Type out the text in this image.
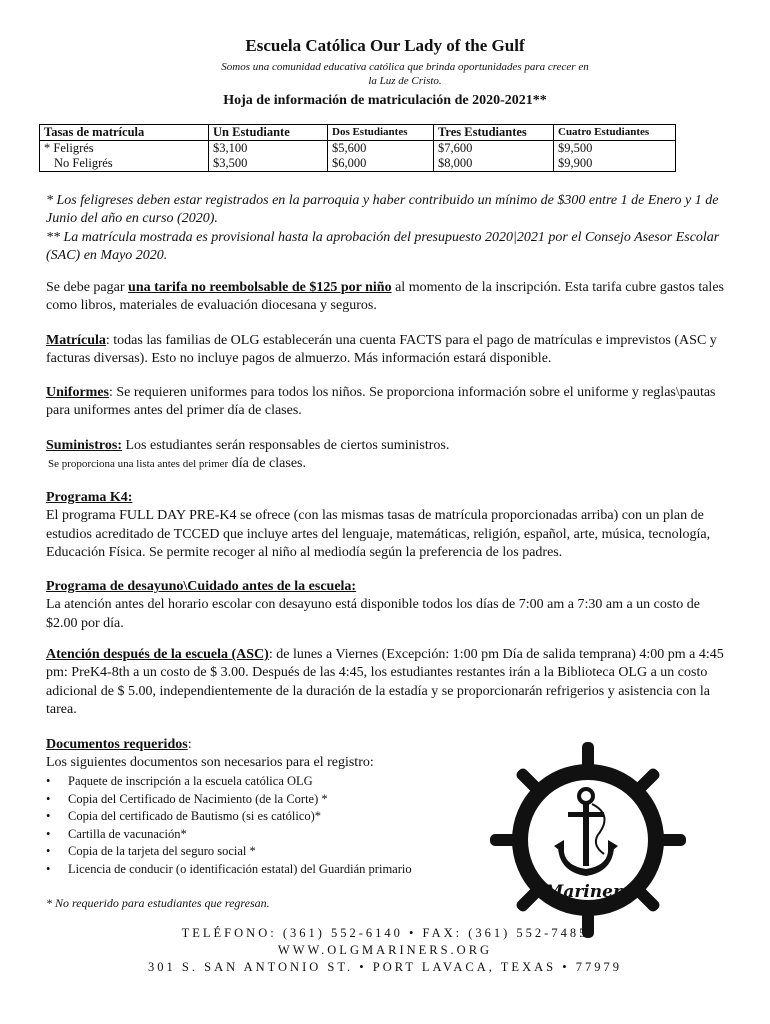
Escuela Católica Our Lady of the Gulf
Somos una comunidad educativa católica que brinda oportunidades para crecer en
la Luz de Cristo.
Hoja de información de matriculación de 2020-2021**
Tasas de matrícula	Un Estudiante	Dos Estudiantes	Tres Estudiantes	Cuatro Estudiantes
* Feligrés	$3,100	$5,600	$7,600	$9,500
No Feligrés	$3,500	$6,000	$8,000	$9,900
* Los feligreses deben estar registrados en la parroquia y haber contribuido un mínimo de $300 entre 1 de Enero y 1 de Junio del año en curso (2020).
** La matrícula mostrada es provisional hasta la aprobación del presupuesto 2020|2021 por el Consejo Asesor Escolar (SAC) en Mayo 2020.
Se debe pagar una tarifa no reembolsable de $125 por niño al momento de la inscripción. Esta tarifa cubre gastos tales como libros, materiales de evaluación diocesana y seguros.
Matrícula: todas las familias de OLG establecerán una cuenta FACTS para el pago de matrículas e imprevistos (ASC y facturas diversas). Esto no incluye pagos de almuerzo. Más información estará disponible.
Uniformes: Se requieren uniformes para todos los niños. Se proporciona información sobre el uniforme y reglas\pautas para uniformes antes del primer día de clases.
Suministros: Los estudiantes serán responsables de ciertos suministros.
Se proporciona una lista antes del primer día de clases.
Programa K4:
El programa FULL DAY PRE-K4 se ofrece (con las mismas tasas de matrícula proporcionadas arriba) con un plan de estudios acreditado de TCCED que incluye artes del lenguaje, matemáticas, religión, español, arte, música, tecnología, Educación Física. Se permite recoger al niño al mediodía según la preferencia de los padres.
Programa de desayuno\Cuidado antes de la escuela:
La atención antes del horario escolar con desayuno está disponible todos los días de 7:00 am a 7:30 am a un costo de $2.00 por día.
Atención después de la escuela (ASC): de lunes a Viernes (Excepción: 1:00 pm Día de salida temprana) 4:00 pm a 4:45 pm: PreK4-8th a un costo de $ 3.00. Después de las 4:45, los estudiantes restantes irán a la Biblioteca OLG a un costo adicional de $ 5.00, independientemente de la duración de la estadía y se proporcionarán refrigerios y asistencia con la tarea.
Documentos requeridos:
Los siguientes documentos son necesarios para el registro:
• Paquete de inscripción a la escuela católica OLG
• Copia del Certificado de Nacimiento (de la Corte) *
• Copia del certificado de Bautismo (si es católico)*
• Cartilla de vacunación*
• Copia de la tarjeta del seguro social *
• Licencia de conducir (o identificación estatal) del Guardián primario
* No requerido para estudiantes que regresan.
Mariners
TELÉFONO: (361) 552-6140 • FAX: (361) 552-7485
WWW.OLGMARINERS.ORG
301 S. SAN ANTONIO ST. • PORT LAVACA, TEXAS • 77979
